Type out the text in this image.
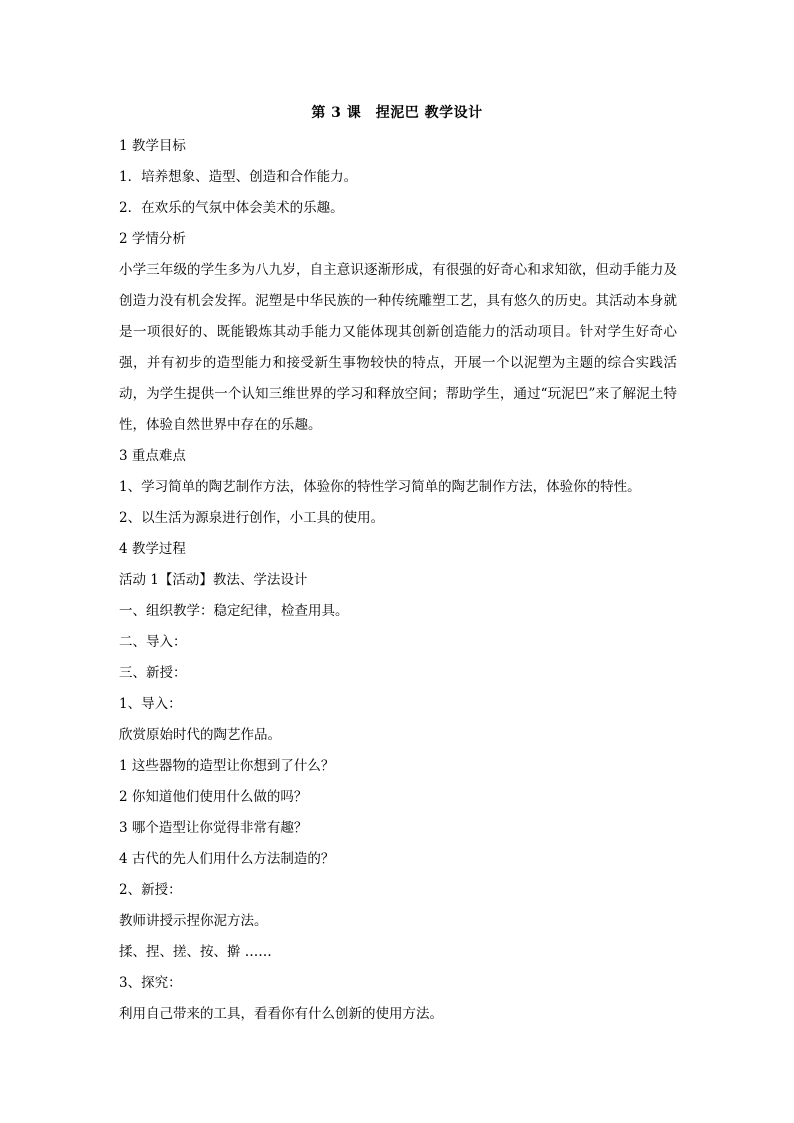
第 3 课　捏泥巴 教学设计

1 教学目标

1．培养想象、造型、创造和合作能力。

2．在欢乐的气氛中体会美术的乐趣。

2 学情分析

小学三年级的学生多为八九岁，自主意识逐渐形成，有很强的好奇心和求知欲，但动手能力及创造力没有机会发挥。泥塑是中华民族的一种传统雕塑工艺，具有悠久的历史。其活动本身就是一项很好的、既能锻炼其动手能力又能体现其创新创造能力的活动项目。针对学生好奇心强，并有初步的造型能力和接受新生事物较快的特点，开展一个以泥塑为主题的综合实践活动，为学生提供一个认知三维世界的学习和释放空间；帮助学生，通过“玩泥巴”来了解泥土特性，体验自然世界中存在的乐趣。

3 重点难点

1、学习简单的陶艺制作方法，体验你的特性学习简单的陶艺制作方法，体验你的特性。

2、以生活为源泉进行创作，小工具的使用。

4 教学过程

活动 1【活动】教法、学法设计

一、组织教学：稳定纪律，检查用具。

二、导入：

三、新授：

1、导入：

欣赏原始时代的陶艺作品。

1 这些器物的造型让你想到了什么？

2 你知道他们使用什么做的吗？

3 哪个造型让你觉得非常有趣？

4 古代的先人们用什么方法制造的？

2、新授：

教师讲授示捏你泥方法。

揉、捏、搓、按、擀 ……

3、探究：

利用自己带来的工具，看看你有什么创新的使用方法。
